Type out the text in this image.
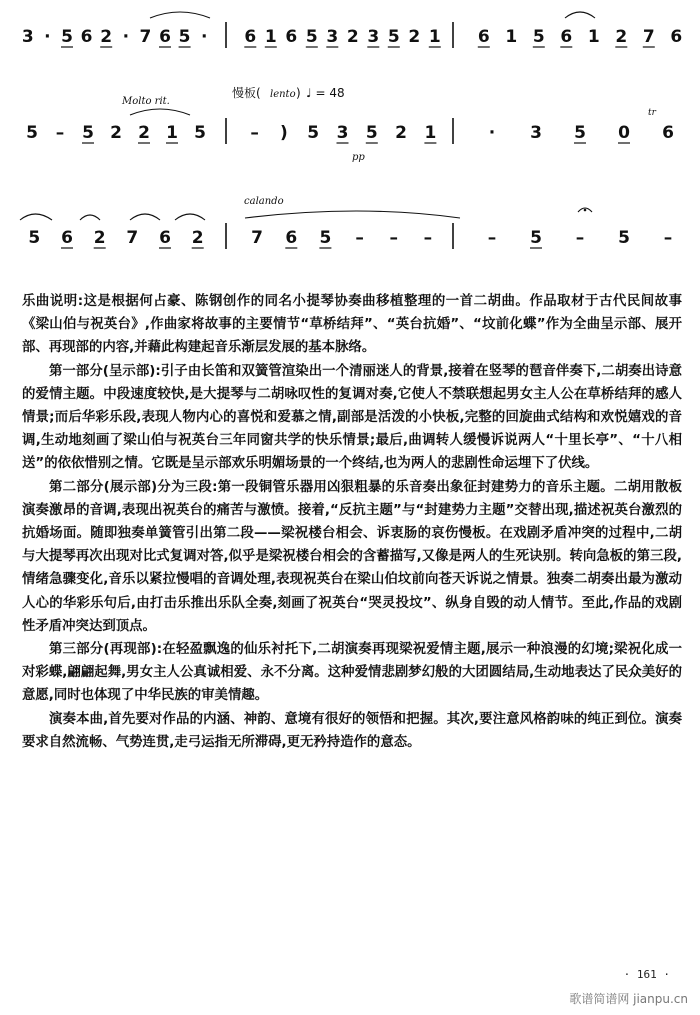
Molto rit.
慢板( lento ) ♩ = 48
pp
tr
calando
3 · 5 6 2 · 7 6 5 · 6 1 6 5 3 2 3 5 2 1 6 1 5 6 1 2 7 6
5 – 5 2 2 1 5	– ) 5 3 5 2 1	· 3 5 0 6
5 6 2 7 6 2	7 6 5 – – –	– 5 – 5 –

乐曲说明:这是根据何占豪、陈钢创作的同名小提琴协奏曲移植整理的一首二胡曲。作品取材于古代民间故事《梁山伯与祝英台》,作曲家将故事的主要情节“草桥结拜”、“英台抗婚”、“坟前化蝶”作为全曲呈示部、展开部、再现部的内容,并藉此构建起音乐渐层发展的基本脉络。

第一部分(呈示部):引子由长笛和双簧管渲染出一个清丽迷人的背景,接着在竖琴的琶音伴奏下,二胡奏出诗意的爱情主题。中段速度较快,是大提琴与二胡咏叹性的复调对奏,它使人不禁联想起男女主人公在草桥结拜的感人情景;而后华彩乐段,表现人物内心的喜悦和爱慕之情,副部是活泼的小快板,完整的回旋曲式结构和欢悦嬉戏的音调,生动地刻画了梁山伯与祝英台三年同窗共学的快乐情景;最后,曲调转人缓慢诉说两人“十里长亭”、“十八相送”的依依惜别之情。它既是呈示部欢乐明媚场景的一个终结,也为两人的悲剧性命运埋下了伏线。

第二部分(展示部)分为三段:第一段铜管乐器用凶狠粗暴的乐音奏出象征封建势力的音乐主题。二胡用散板演奏激昂的音调,表现出祝英台的痛苦与激愤。接着,“反抗主题”与“封建势力主题”交替出现,描述祝英台激烈的抗婚场面。随即独奏单簧管引出第二段——梁祝楼台相会、诉衷肠的哀伤慢板。在戏剧矛盾冲突的过程中,二胡与大提琴再次出现对比式复调对答,似乎是梁祝楼台相会的含蓄描写,又像是两人的生死诀别。转向急板的第三段,情绪急骤变化,音乐以紧拉慢唱的音调处理,表现祝英台在梁山伯坟前向苍天诉说之情景。独奏二胡奏出最为激动人心的华彩乐句后,由打击乐推出乐队全奏,刻画了祝英台“哭灵投坟”、纵身自毁的动人情节。至此,作品的戏剧性矛盾冲突达到顶点。

第三部分(再现部):在轻盈飘逸的仙乐衬托下,二胡演奏再现梁祝爱情主题,展示一种浪漫的幻境;梁祝化成一对彩蝶,翩翩起舞,男女主人公真诚相爱、永不分离。这种爱情悲剧梦幻般的大团圆结局,生动地表达了民众美好的意愿,同时也体现了中华民族的审美情趣。

演奏本曲,首先要对作品的内涵、神韵、意境有很好的领悟和把握。其次,要注意风格韵味的纯正到位。演奏要求自然流畅、气势连贯,走弓运指无所滞碍,更无矜持造作的意态。

· 161 ·
歌谱简谱网 jianpu.cn
